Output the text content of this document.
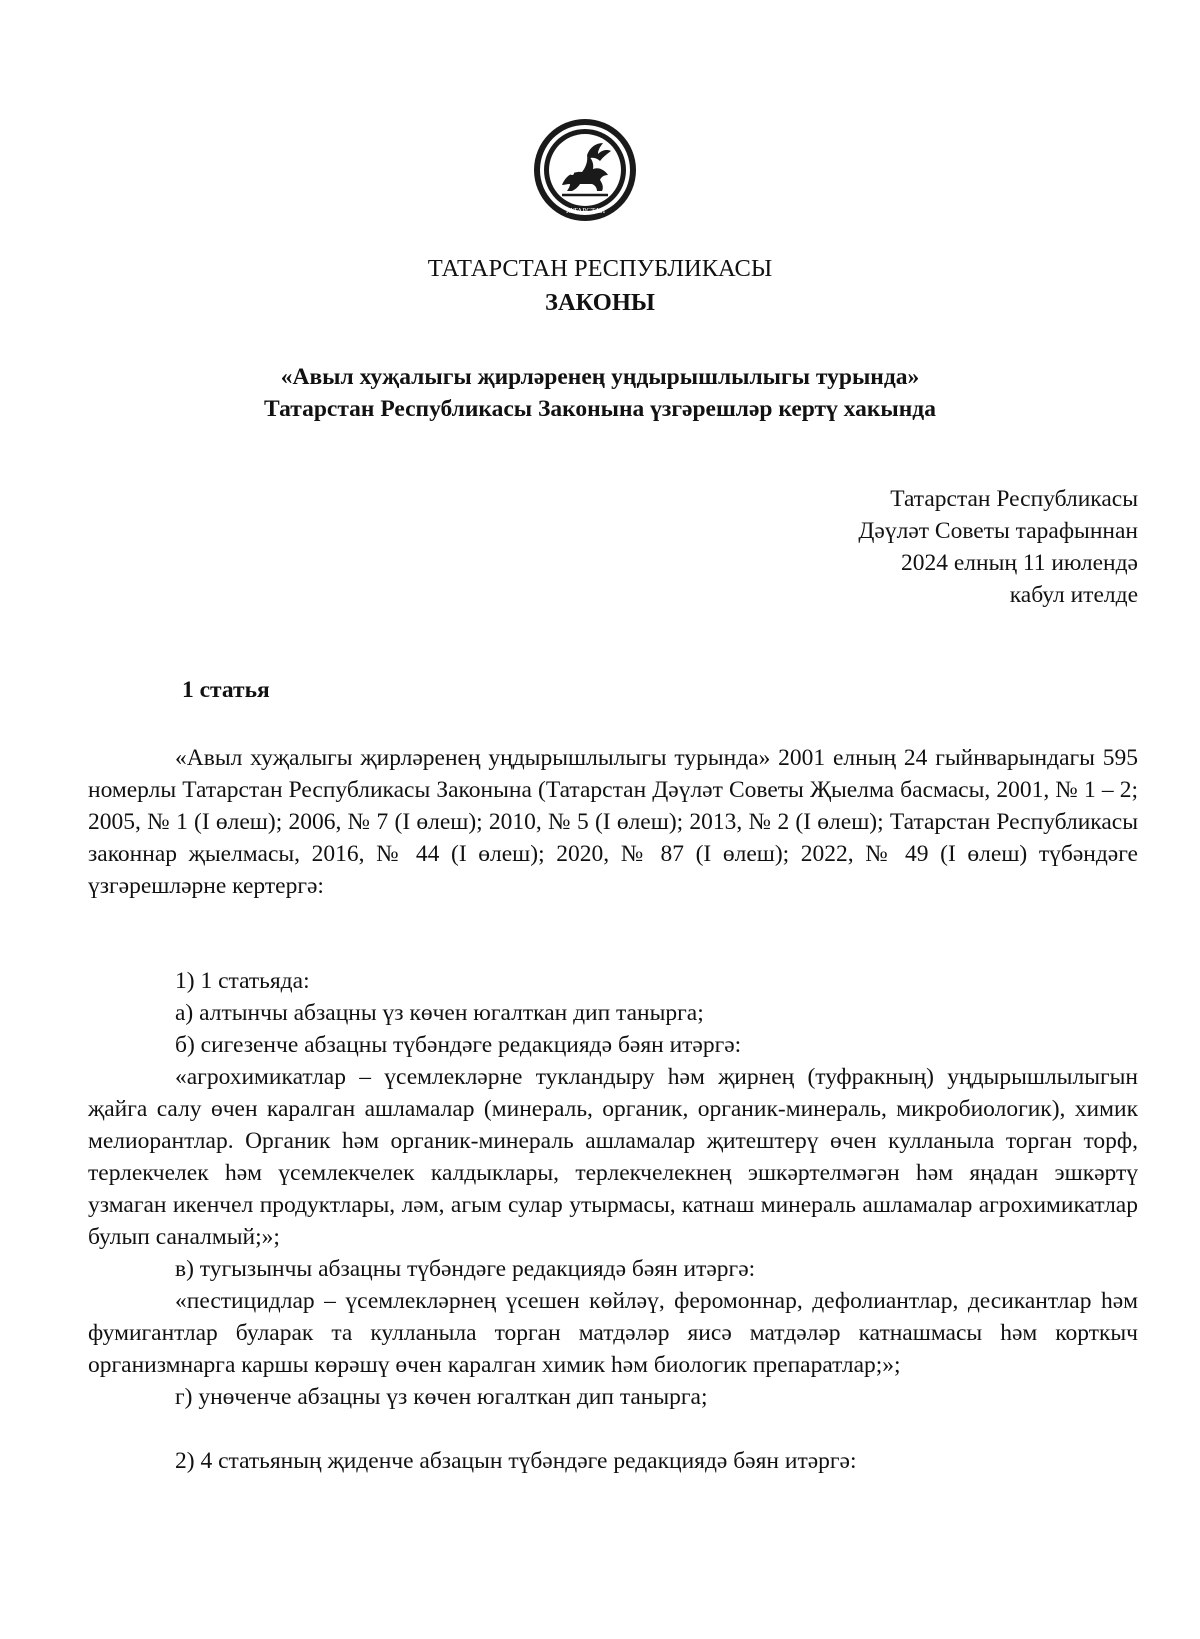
ТАТАРСТАН
ТАТАРСТАН РЕСПУБЛИКАСЫ
ЗАКОНЫ
«Авыл хуҗалыгы җирләренең уңдырышлылыгы турында»
Татарстан Республикасы Законына үзгәрешләр кертү хакында
Татарстан Республикасы
Дәүләт Советы тарафыннан
2024 елның 11 июлендә
кабул ителде
1 статья

«Авыл хуҗалыгы җирләренең уңдырышлылыгы турында» 2001 елның 24 гыйнварындагы 595 номерлы Татарстан Республикасы Законына (Татарстан Дәүләт Советы Җыелма басмасы, 2001, № 1 – 2; 2005, № 1 (I өлеш); 2006, № 7 (I өлеш); 2010, № 5 (I өлеш); 2013, № 2 (I өлеш); Татарстан Республикасы законнар җыелмасы, 2016, № 44 (I өлеш); 2020, № 87 (I өлеш); 2022, № 49 (I өлеш) түбәндәге үзгәрешләрне кертергә:

1) 1 статьяда:

а) алтынчы абзацны үз көчен югалткан дип танырга;

б) сигезенче абзацны түбәндәге редакциядә бәян итәргә:

«агрохимикатлар – үсемлекләрне тукландыру һәм җирнең (туфракның) уңдырышлылыгын җайга салу өчен каралган ашламалар (минераль, органик, органик-минераль, микробиологик), химик мелиорантлар. Органик һәм органик-минераль ашламалар җитештерү өчен кулланыла торган торф, терлекчелек һәм үсемлекчелек калдыклары, терлекчелекнең эшкәртелмәгән һәм яңадан эшкәртү узмаган икенчел продуктлары, ләм, агым сулар утырмасы, катнаш минераль ашламалар агрохимикатлар булып саналмый;»;

в) тугызынчы абзацны түбәндәге редакциядә бәян итәргә:

«пестицидлар – үсемлекләрнең үсешен көйләү, феромоннар, дефолиантлар, десикантлар һәм фумигантлар буларак та кулланыла торган матдәләр яисә матдәләр катнашмасы һәм корткыч организмнарга каршы көрәшү өчен каралган химик һәм биологик препаратлар;»;

г) унөченче абзацны үз көчен югалткан дип танырга;

2) 4 статьяның җиденче абзацын түбәндәге редакциядә бәян итәргә:
